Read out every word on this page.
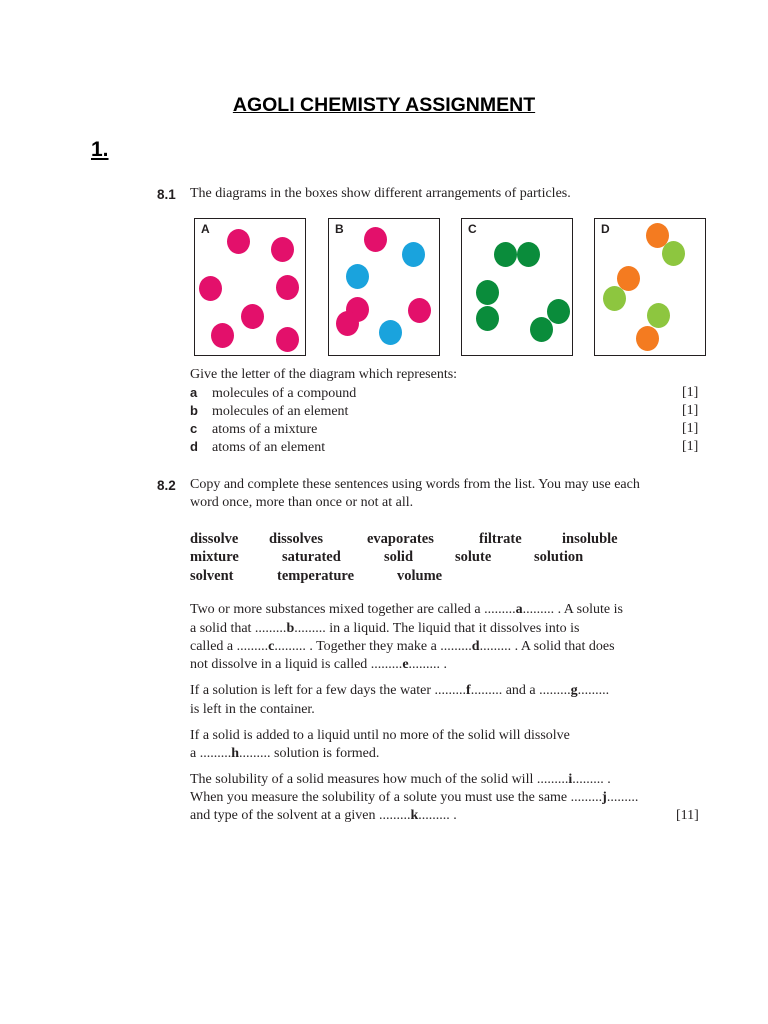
AGOLI CHEMISTY ASSIGNMENT
1.
8.1 The diagrams in the boxes show different arrangements of particles.
A	B	C	D
Give the letter of the diagram which represents:
a molecules of a compound	[1]
b molecules of an element	[1]
c atoms of a mixture	[1]
d atoms of an element	[1]
8.2 Copy and complete these sentences using words from the list. You may use each
word once, more than once or not at all.
dissolve dissolves	evaporates	filtrate	insoluble
mixture	saturated	solid	solute	solution
solvent	temperature	volume
Two or more substances mixed together are called a .........a......... . A solute is
a solid that .........b......... in a liquid. The liquid that it dissolves into is
called a .........c......... . Together they make a .........d......... . A solid that does
not dissolve in a liquid is called .........e......... .
If a solution is left for a few days the water .........f......... and a .........g.........
is left in the container.
If a solid is added to a liquid until no more of the solid will dissolve
a .........h......... solution is formed.
The solubility of a solid measures how much of the solid will .........i......... .
When you measure the solubility of a solute you must use the same .........j.........
and type of the solvent at a given .........k......... .	[11]
